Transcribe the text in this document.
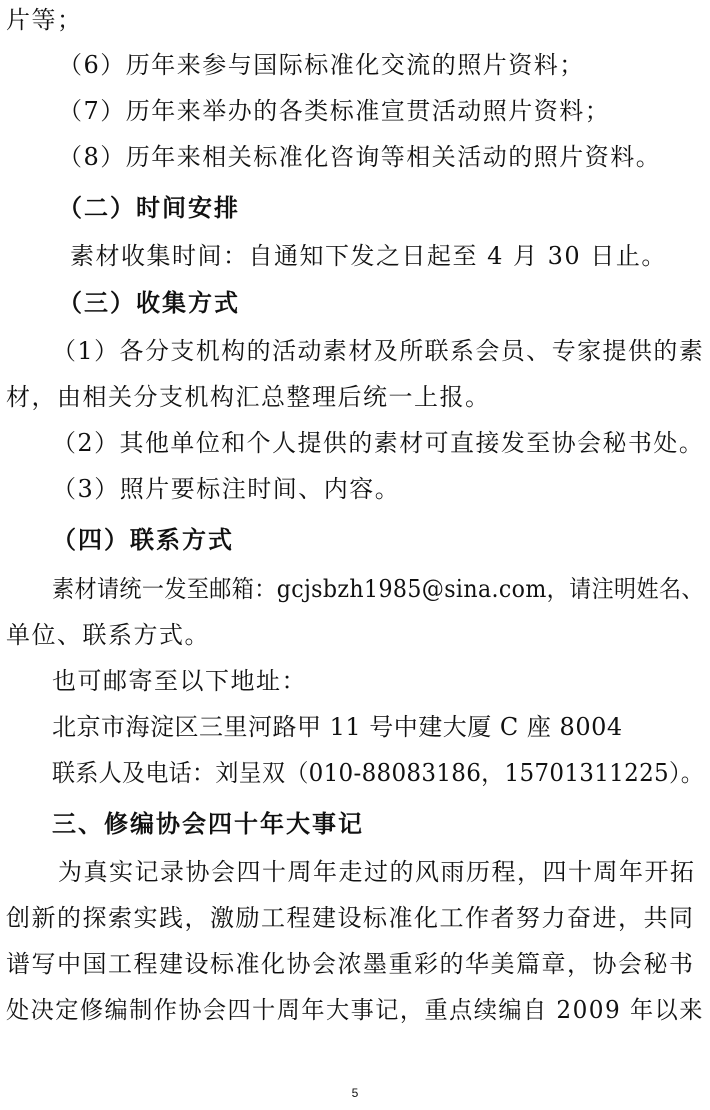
片等；
（6）历年来参与国际标准化交流的照片资料；
（7）历年来举办的各类标准宣贯活动照片资料；
（8）历年来相关标准化咨询等相关活动的照片资料。
（二）时间安排
素材收集时间：自通知下发之日起至 4 月 30 日止。
（三）收集方式
（1）各分支机构的活动素材及所联系会员、专家提供的素
材，由相关分支机构汇总整理后统一上报。
（2）其他单位和个人提供的素材可直接发至协会秘书处。
（3）照片要标注时间、内容。
（四）联系方式
素材请统一发至邮箱：gcjsbzh1985@sina.com，请注明姓名、
单位、联系方式。
也可邮寄至以下地址：
北京市海淀区三里河路甲 11 号中建大厦 C 座 8004
联系人及电话：刘呈双（010-88083186，15701311225）。
三、修编协会四十年大事记
为真实记录协会四十周年走过的风雨历程，四十周年开拓
创新的探索实践，激励工程建设标准化工作者努力奋进，共同
谱写中国工程建设标准化协会浓墨重彩的华美篇章，协会秘书
处决定修编制作协会四十周年大事记，重点续编自 2009 年以来
5
